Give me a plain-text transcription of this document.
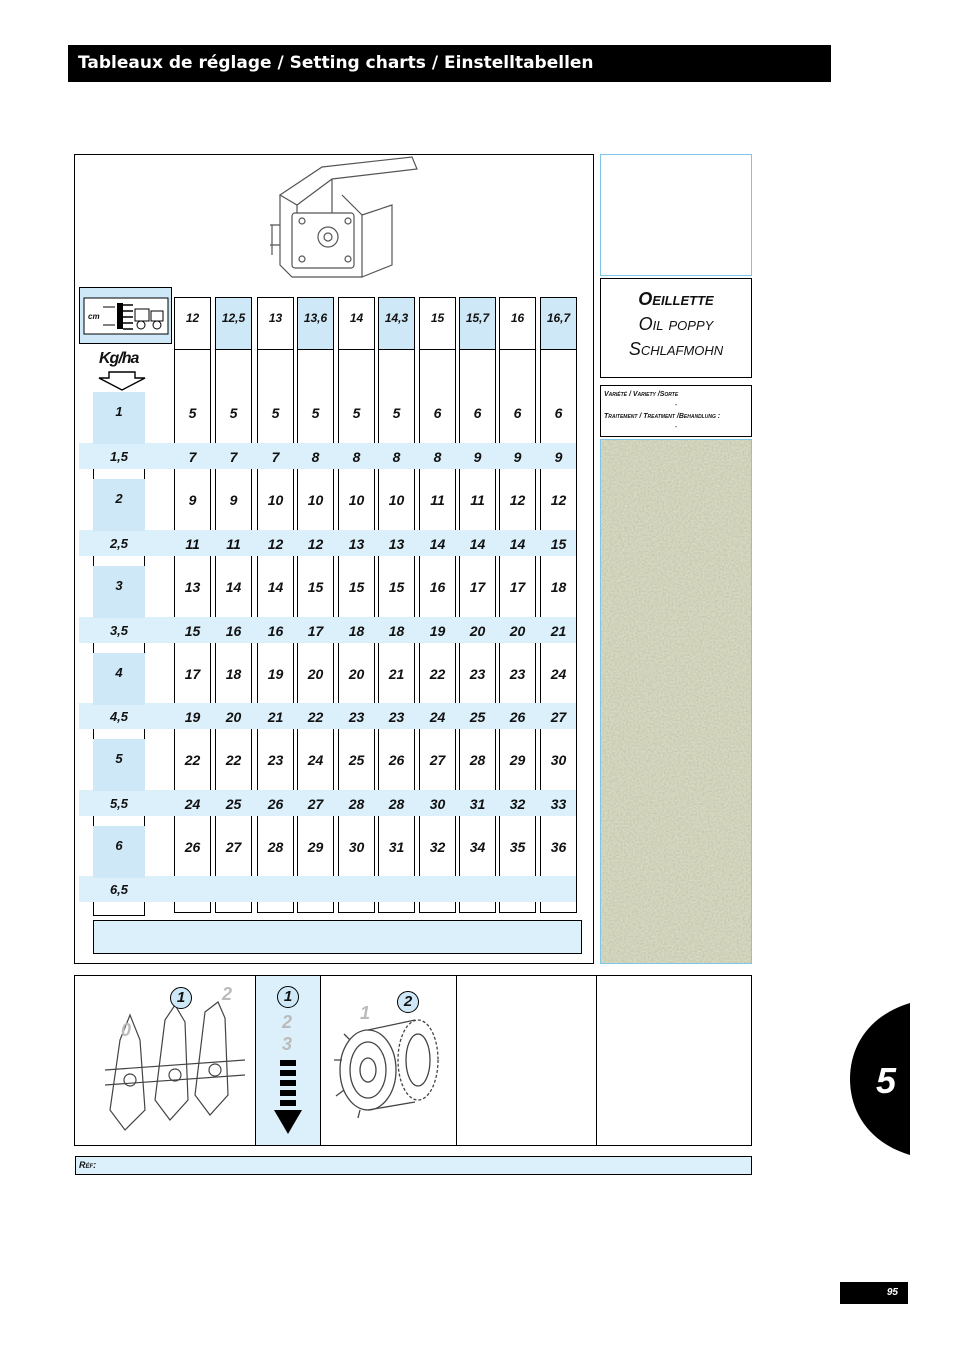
Tableaux de réglage / Setting charts / Einstelltabellen
cm
Kg/ha
12	12,5	13	13,6	14	14,3	15	15,7	16	16,7
1	5	5	5	5	5	5	6	6	6	6
1,5	7	7	7	8	8	8	8	9	9	9
2	9	9	10	10	10	10	11	11	12	12
2,5	11	11	12	12	13	13	14	14	14	15
3	13	14	14	15	15	15	16	17	17	18
3,5	15	16	16	17	18	18	19	20	20	21
4	17	18	19	20	20	21	22	23	23	24
4,5	19	20	21	22	23	23	24	25	26	27
5	22	22	23	24	25	26	27	28	29	30
5,5	24	25	26	27	28	28	30	31	32	33
6	26	27	28	29	30	31	32	34	35	36
6,5
Oeillette
Oil poppy
Schlafmohn
Variété / Variety /Sorte
-
Traitement / Treatment /Behandlung :
-
0
1	2	1
2
3
1
2
Réf:
5
95
